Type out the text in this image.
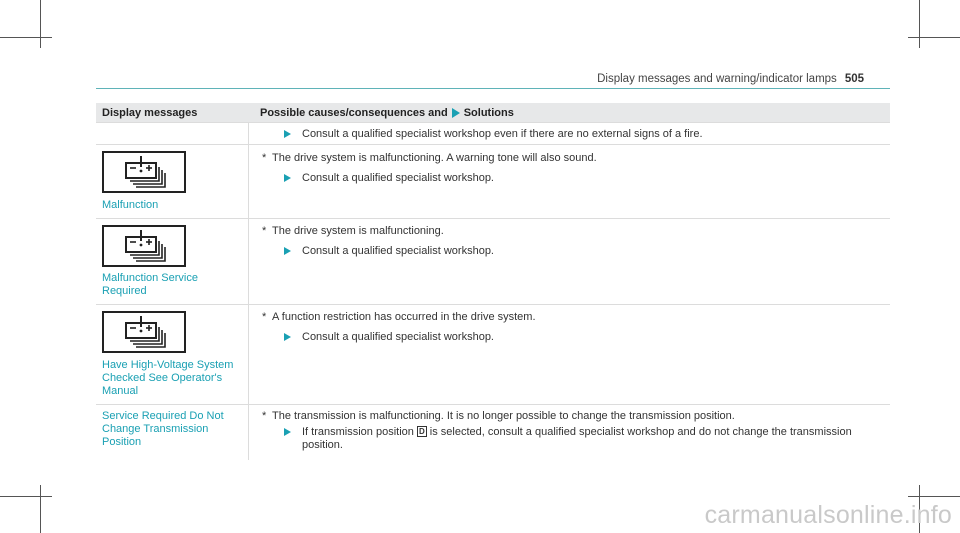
Display messages and warning/indicator lamps 505
Display messages	Possible causes/consequences and Solutions
Consult a qualified specialist workshop even if there are no external signs of a fire.
Malfunction
* The drive system is malfunctioning. A warning tone will also sound.
Consult a qualified specialist workshop.
Malfunction Service Required
* The drive system is malfunctioning.
Consult a qualified specialist workshop.
Have High-Voltage System Checked See Operator's Manual
* A function restriction has occurred in the drive system.
Consult a qualified specialist workshop.
Service Required Do Not Change Transmission Position
* The transmission is malfunctioning. It is no longer possible to change the transmission position.
If transmission position D is selected, consult a qualified specialist workshop and do not change the transmission position.
carmanualsonline.info
